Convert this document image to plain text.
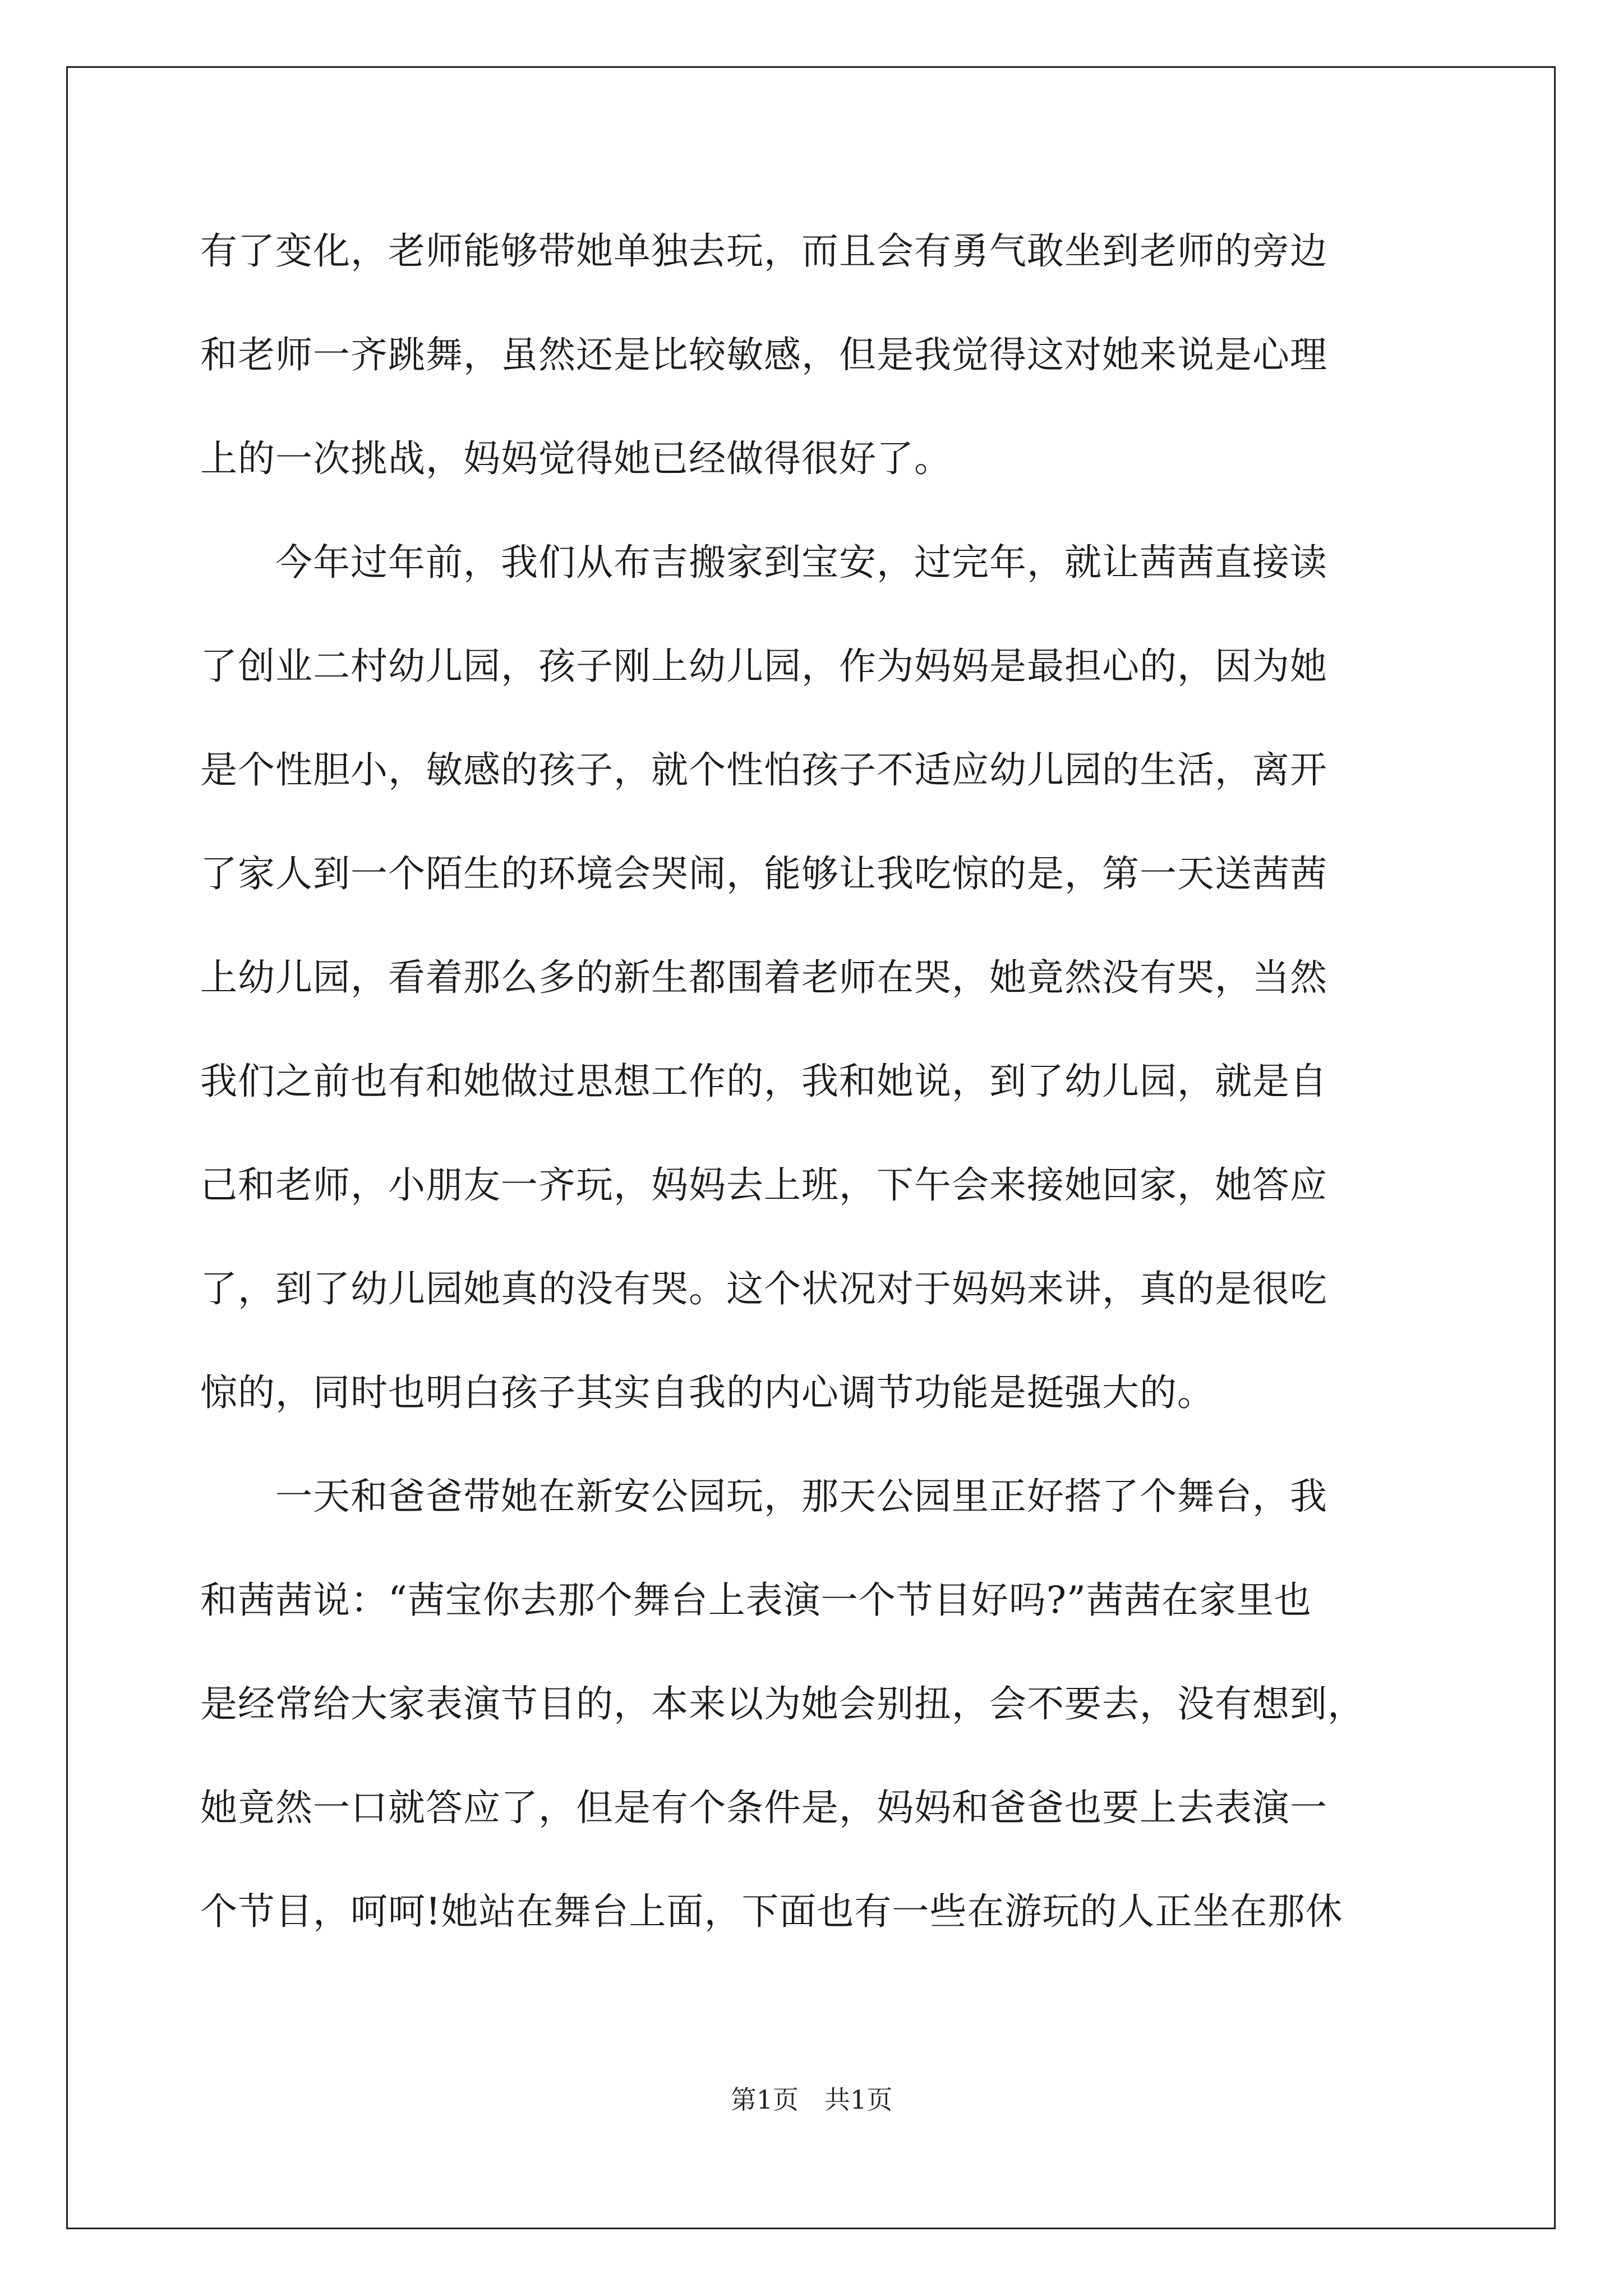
有了变化，老师能够带她单独去玩，而且会有勇气敢坐到老师的旁边
和老师一齐跳舞，虽然还是比较敏感，但是我觉得这对她来说是心理
上的一次挑战，妈妈觉得她已经做得很好了。
　　今年过年前，我们从布吉搬家到宝安，过完年，就让茜茜直接读
了创业二村幼儿园，孩子刚上幼儿园，作为妈妈是最担心的，因为她
是个性胆小，敏感的孩子，就个性怕孩子不适应幼儿园的生活，离开
了家人到一个陌生的环境会哭闹，能够让我吃惊的是，第一天送茜茜
上幼儿园，看着那么多的新生都围着老师在哭，她竟然没有哭，当然
我们之前也有和她做过思想工作的，我和她说，到了幼儿园，就是自
己和老师，小朋友一齐玩，妈妈去上班，下午会来接她回家，她答应
了，到了幼儿园她真的没有哭。这个状况对于妈妈来讲，真的是很吃
惊的，同时也明白孩子其实自我的内心调节功能是挺强大的。
　　一天和爸爸带她在新安公园玩，那天公园里正好搭了个舞台，我
和茜茜说：“茜宝你去那个舞台上表演一个节目好吗?”茜茜在家里也
是经常给大家表演节目的，本来以为她会别扭，会不要去，没有想到，
她竟然一口就答应了，但是有个条件是，妈妈和爸爸也要上去表演一
个节目，呵呵!她站在舞台上面，下面也有一些在游玩的人正坐在那休
第1页 共1页
